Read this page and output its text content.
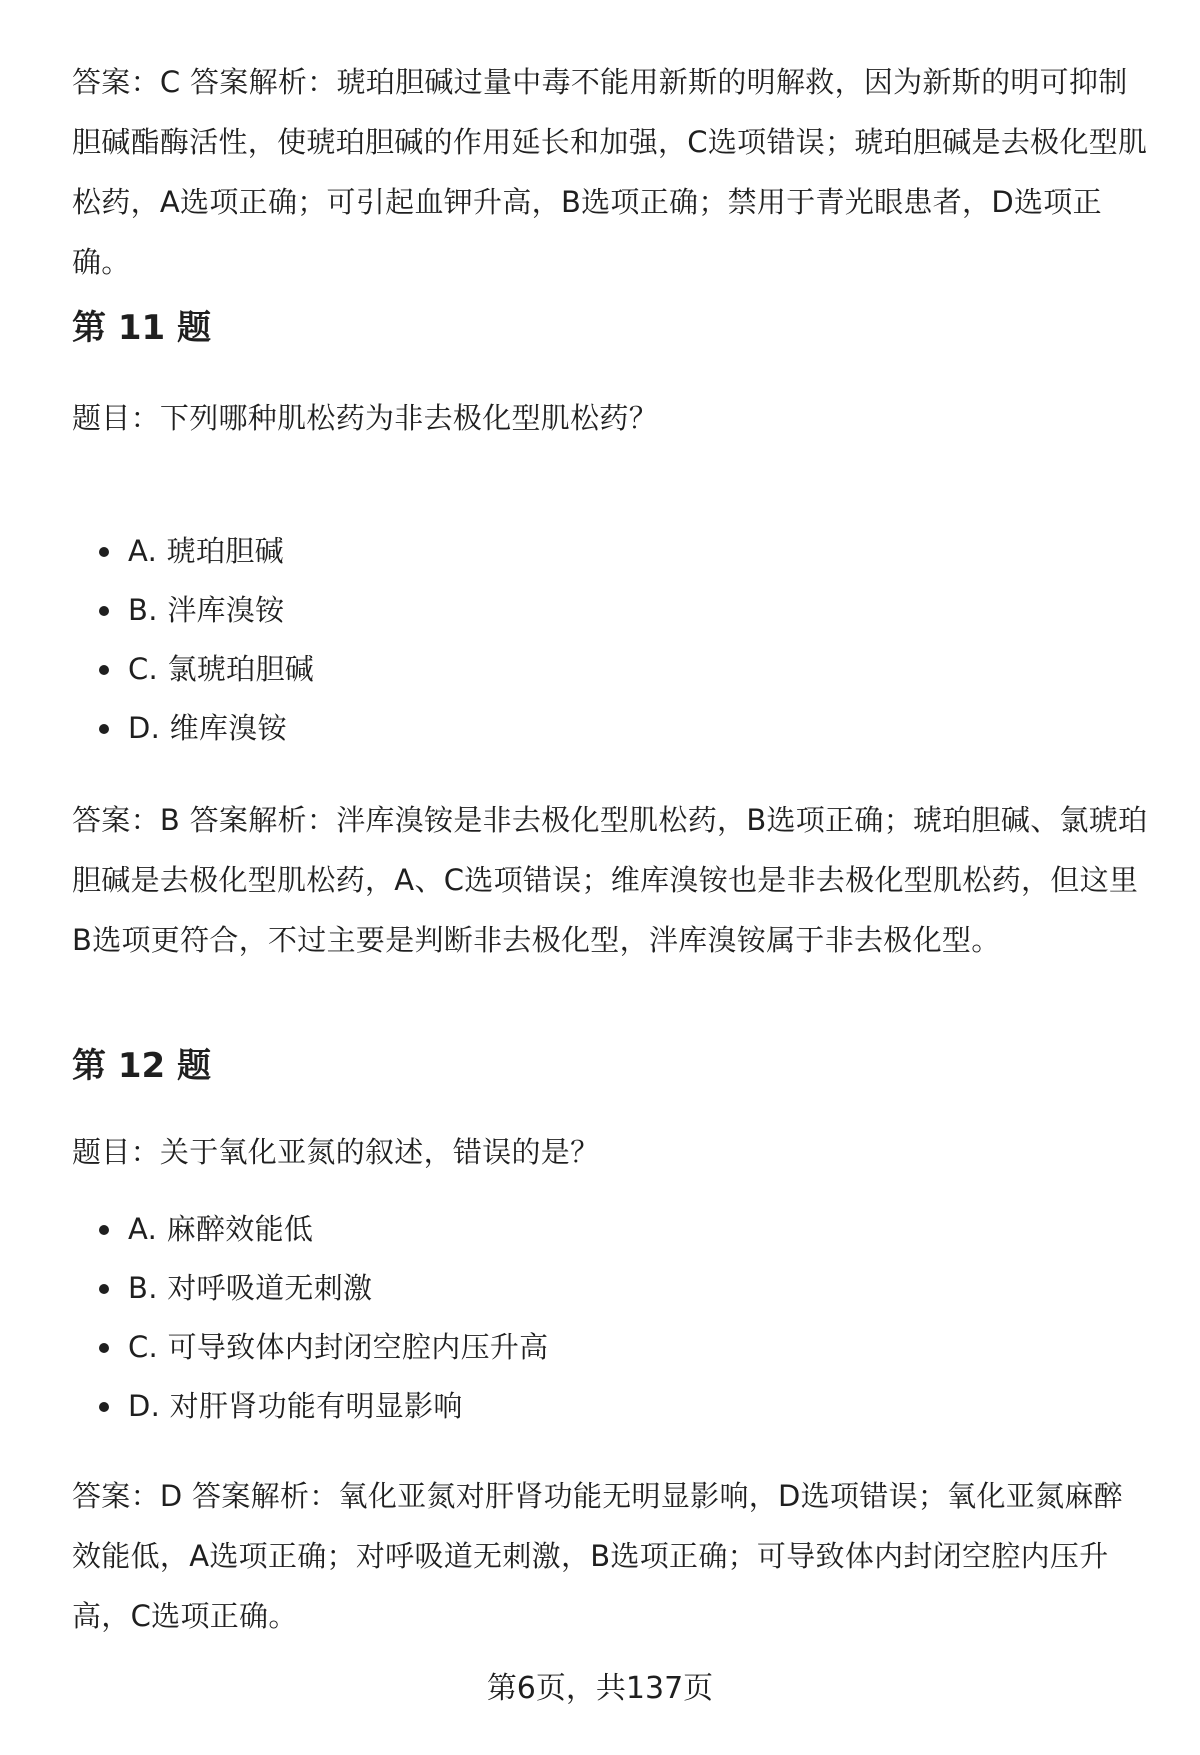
答案：C 答案解析：琥珀胆碱过量中毒不能用新斯的明解救，因为新斯的明可抑制胆碱酯酶活性，使琥珀胆碱的作用延长和加强，C选项错误；琥珀胆碱是去极化型肌松药，A选项正确；可引起血钾升高，B选项正确；禁用于青光眼患者，D选项正确。

第 11 题

题目：下列哪种肌松药为非去极化型肌松药？

A. 琥珀胆碱
B. 泮库溴铵
C. 氯琥珀胆碱
D. 维库溴铵

答案：B 答案解析：泮库溴铵是非去极化型肌松药，B选项正确；琥珀胆碱、氯琥珀胆碱是去极化型肌松药，A、C选项错误；维库溴铵也是非去极化型肌松药，但这里B选项更符合，不过主要是判断非去极化型，泮库溴铵属于非去极化型。

第 12 题

题目：关于氧化亚氮的叙述，错误的是？

A. 麻醉效能低
B. 对呼吸道无刺激
C. 可导致体内封闭空腔内压升高
D. 对肝肾功能有明显影响

答案：D 答案解析：氧化亚氮对肝肾功能无明显影响，D选项错误；氧化亚氮麻醉效能低，A选项正确；对呼吸道无刺激，B选项正确；可导致体内封闭空腔内压升高，C选项正确。

第6页，共137页
